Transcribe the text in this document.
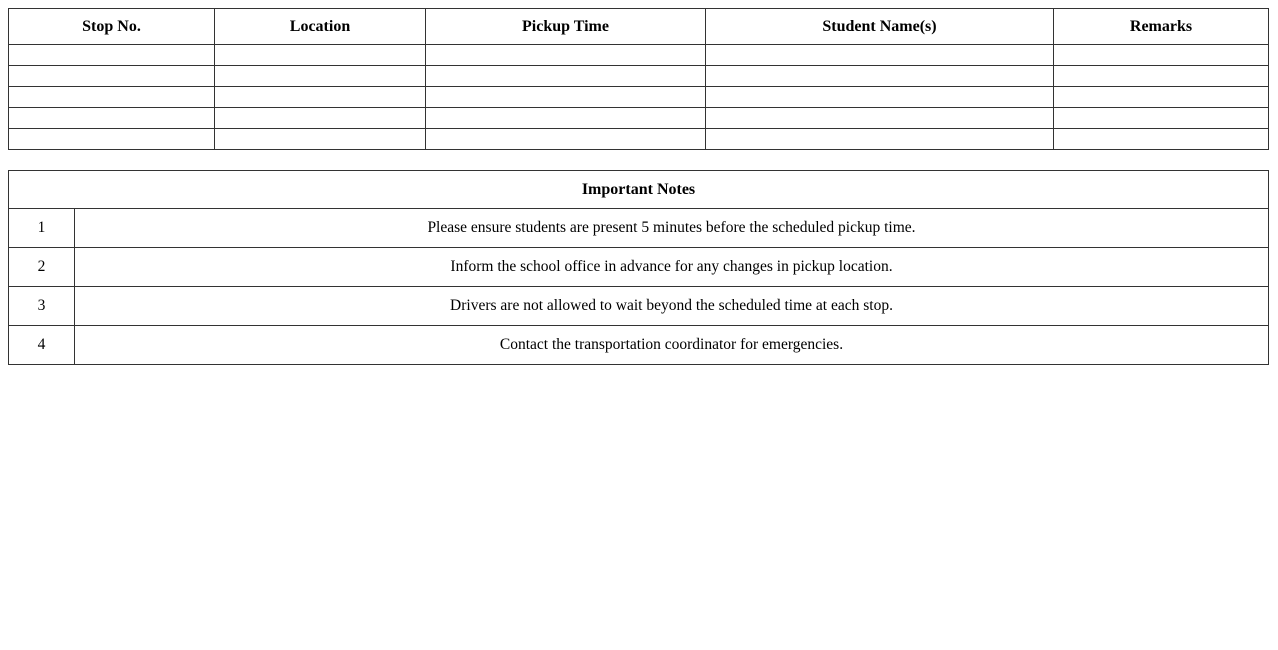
Stop No.	Location	Pickup Time	Student Name(s)	Remarks

Important Notes	
1	Please ensure students are present 5 minutes before the scheduled pickup time.
2	Inform the school office in advance for any changes in pickup location.
3	Drivers are not allowed to wait beyond the scheduled time at each stop.
4	Contact the transportation coordinator for emergencies.
